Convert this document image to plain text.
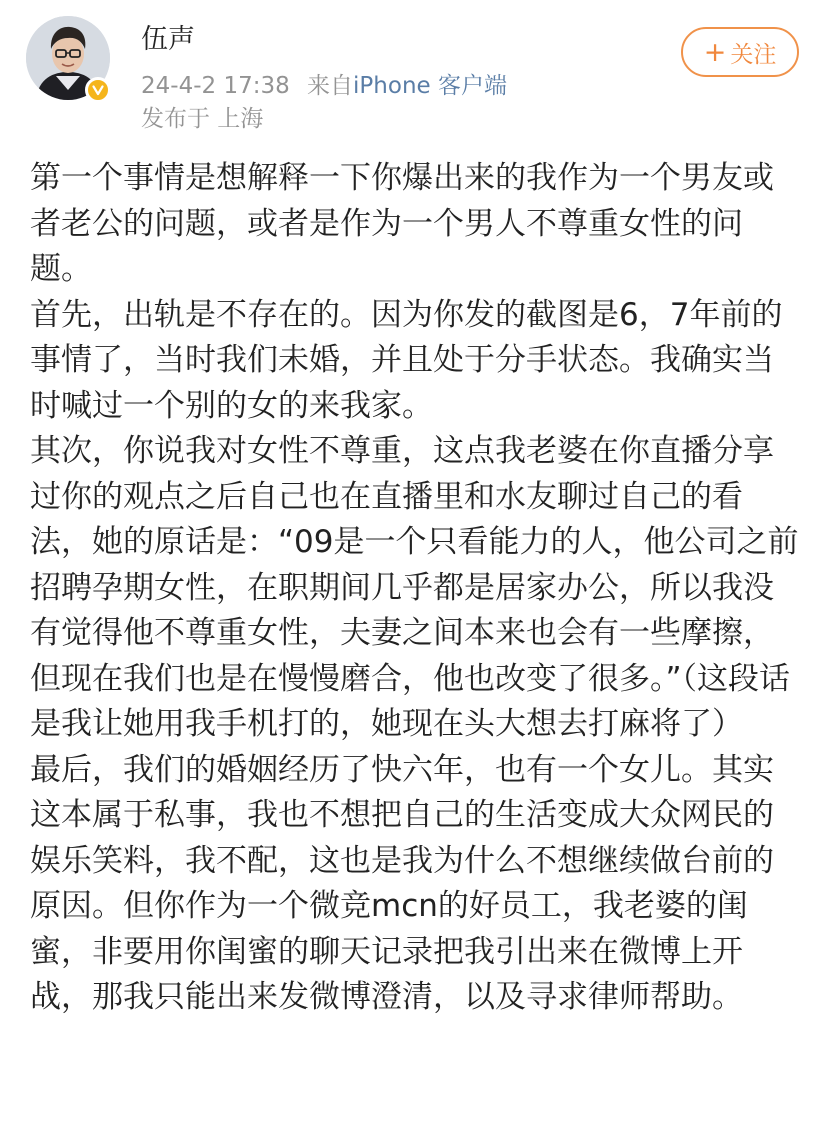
伍声
24-4-2 17:38 来自iPhone 客户端
发布于 上海
+ 关注

第一个事情是想解释一下你爆出来的我作为一个男友或者老公的问题，或者是作为一个男人不尊重女性的问题。

首先，出轨是不存在的。因为你发的截图是6，7年前的事情了，当时我们未婚，并且处于分手状态。我确实当时喊过一个别的女的来我家。

其次，你说我对女性不尊重，这点我老婆在你直播分享过你的观点之后自己也在直播里和水友聊过自己的看法，她的原话是：“09是一个只看能力的人，他公司之前招聘孕期女性，在职期间几乎都是居家办公，所以我没有觉得他不尊重女性，夫妻之间本来也会有一些摩擦，但现在我们也是在慢慢磨合，他也改变了很多。”（这段话是我让她用我手机打的，她现在头大想去打麻将了）

最后，我们的婚姻经历了快六年，也有一个女儿。其实这本属于私事，我也不想把自己的生活变成大众网民的娱乐笑料，我不配，这也是我为什么不想继续做台前的原因。但你作为一个微竞mcn的好员工，我老婆的闺蜜，非要用你闺蜜的聊天记录把我引出来在微博上开战，那我只能出来发微博澄清，以及寻求律师帮助。
